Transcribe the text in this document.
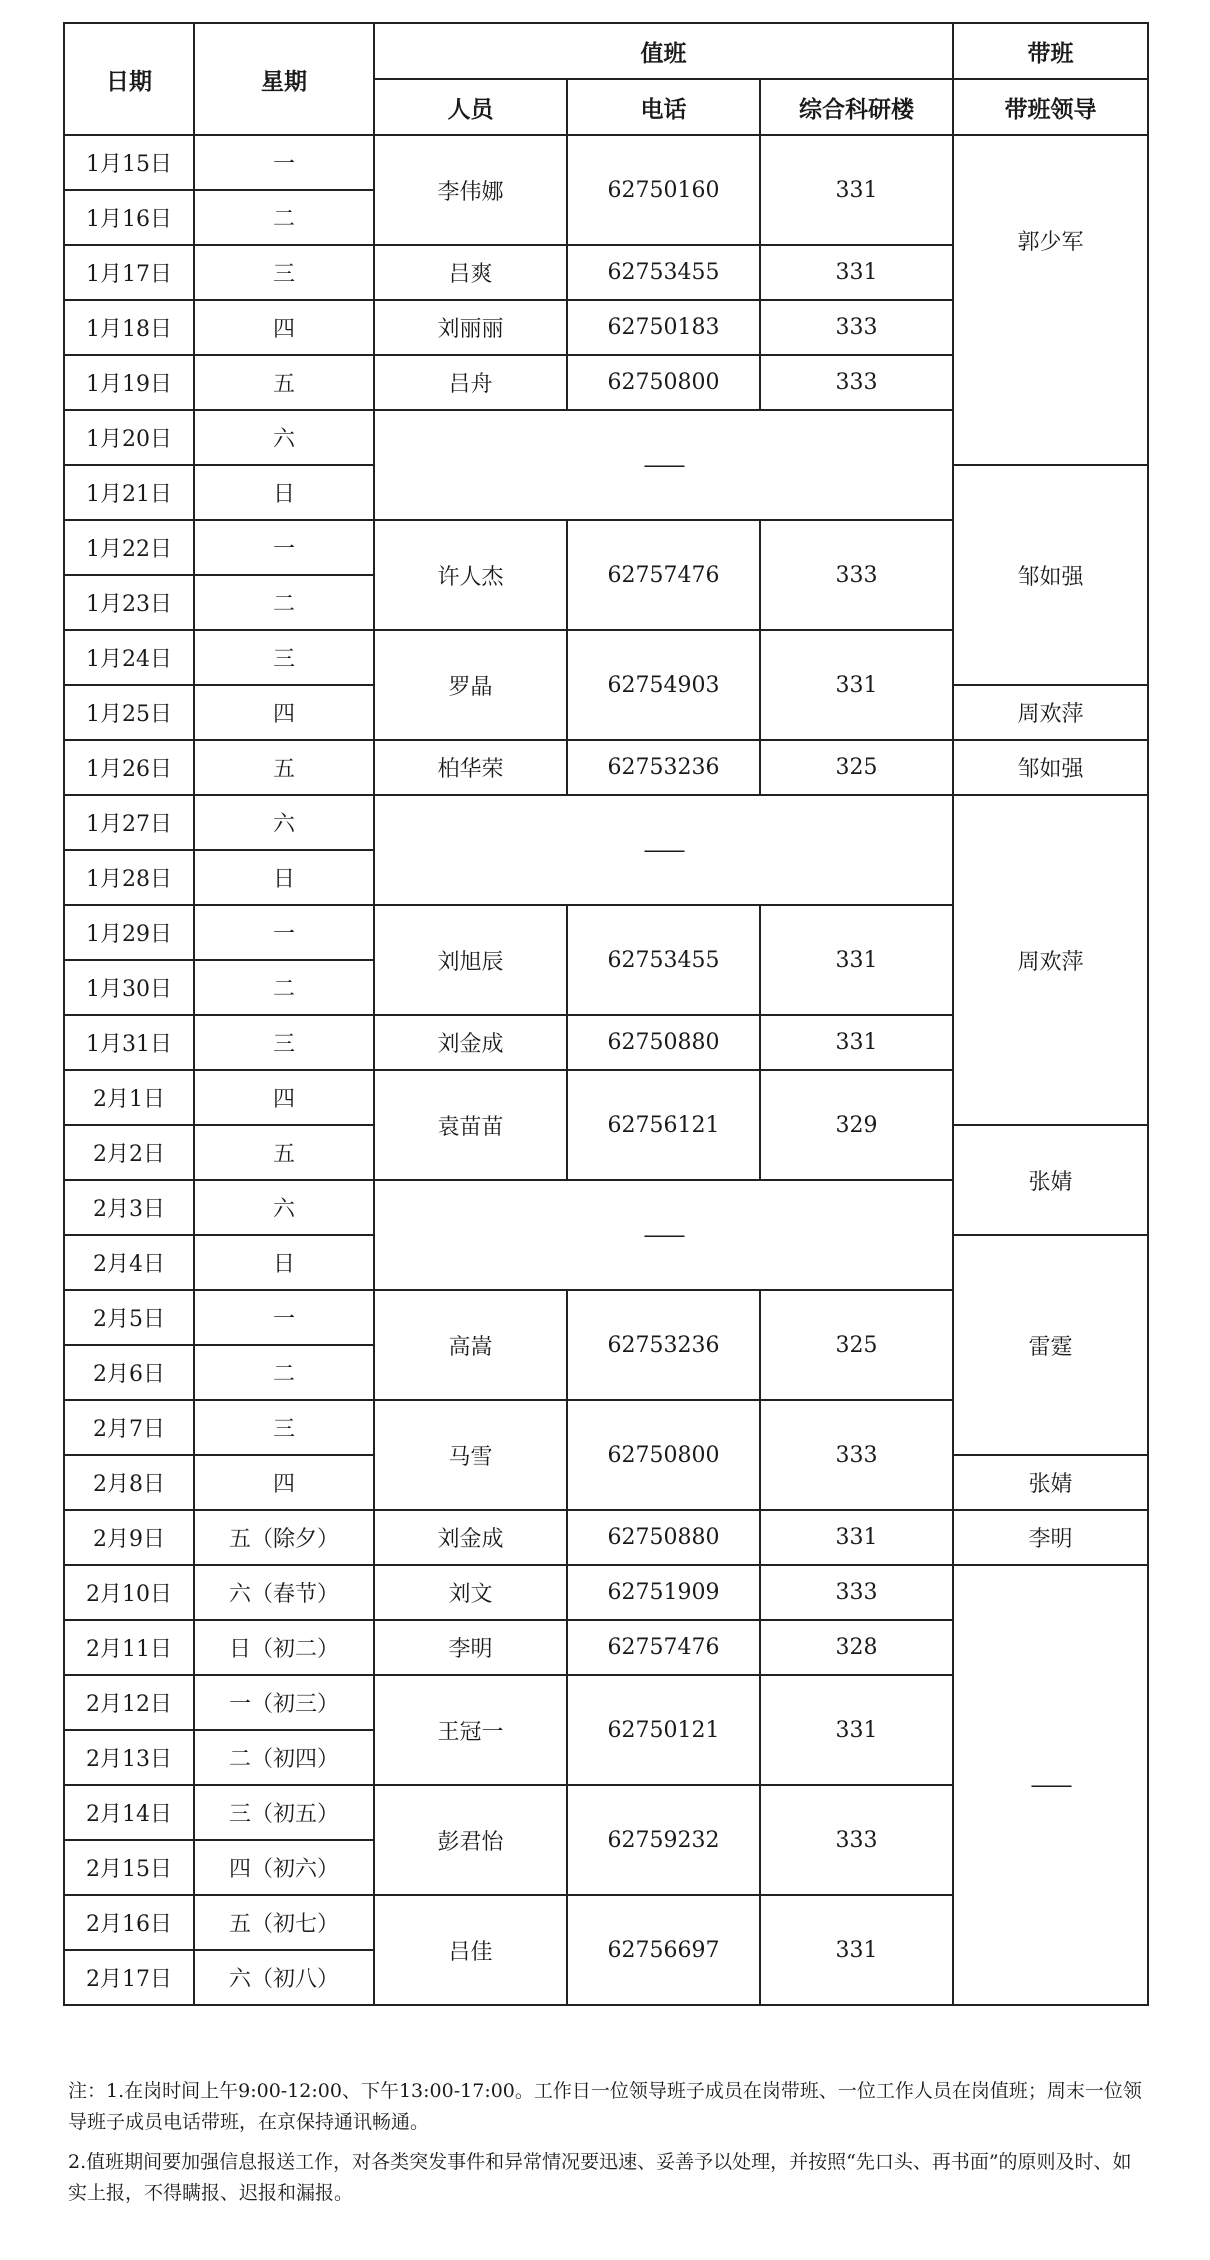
日期	星期	值班			带班
		人员	电话	综合科研楼	带班领导
1月15日	一	李伟娜	62750160	331	郭少军
1月16日	二				
1月17日	三	吕爽	62753455	331	
1月18日	四	刘丽丽	62750183	333	
1月19日	五	吕舟	62750800	333	
1月20日	六	——			
1月21日	日				邹如强
1月22日	一	许人杰	62757476	333	
1月23日	二				
1月24日	三	罗晶	62754903	331	
1月25日	四				周欢萍
1月26日	五	柏华荣	62753236	325	邹如强
1月27日	六	——			周欢萍
1月28日	日				
1月29日	一	刘旭辰	62753455	331	
1月30日	二				
1月31日	三	刘金成	62750880	331	
2月1日	四	袁苗苗	62756121	329	
2月2日	五				张婧
2月3日	六	——			
2月4日	日				雷霆
2月5日	一	高嵩	62753236	325	
2月6日	二				
2月7日	三	马雪	62750800	333	
2月8日	四				张婧
2月9日	五（除夕）	刘金成	62750880	331	李明
2月10日	六（春节）	刘文	62751909	333	——
2月11日	日（初二）	李明	62757476	328	
2月12日	一（初三）	王冠一	62750121	331	
2月13日	二（初四）				
2月14日	三（初五）	彭君怡	62759232	333	
2月15日	四（初六）				
2月16日	五（初七）	吕佳	62756697	331	
2月17日	六（初八）				

注：1.在岗时间上午9:00-12:00、下午13:00-17:00。工作日一位领导班子成员在岗带班、一位工作人员在岗值班；周末一位领导班子成员电话带班，在京保持通讯畅通。

2.值班期间要加强信息报送工作，对各类突发事件和异常情况要迅速、妥善予以处理，并按照“先口头、再书面”的原则及时、如实上报，不得瞒报、迟报和漏报。
